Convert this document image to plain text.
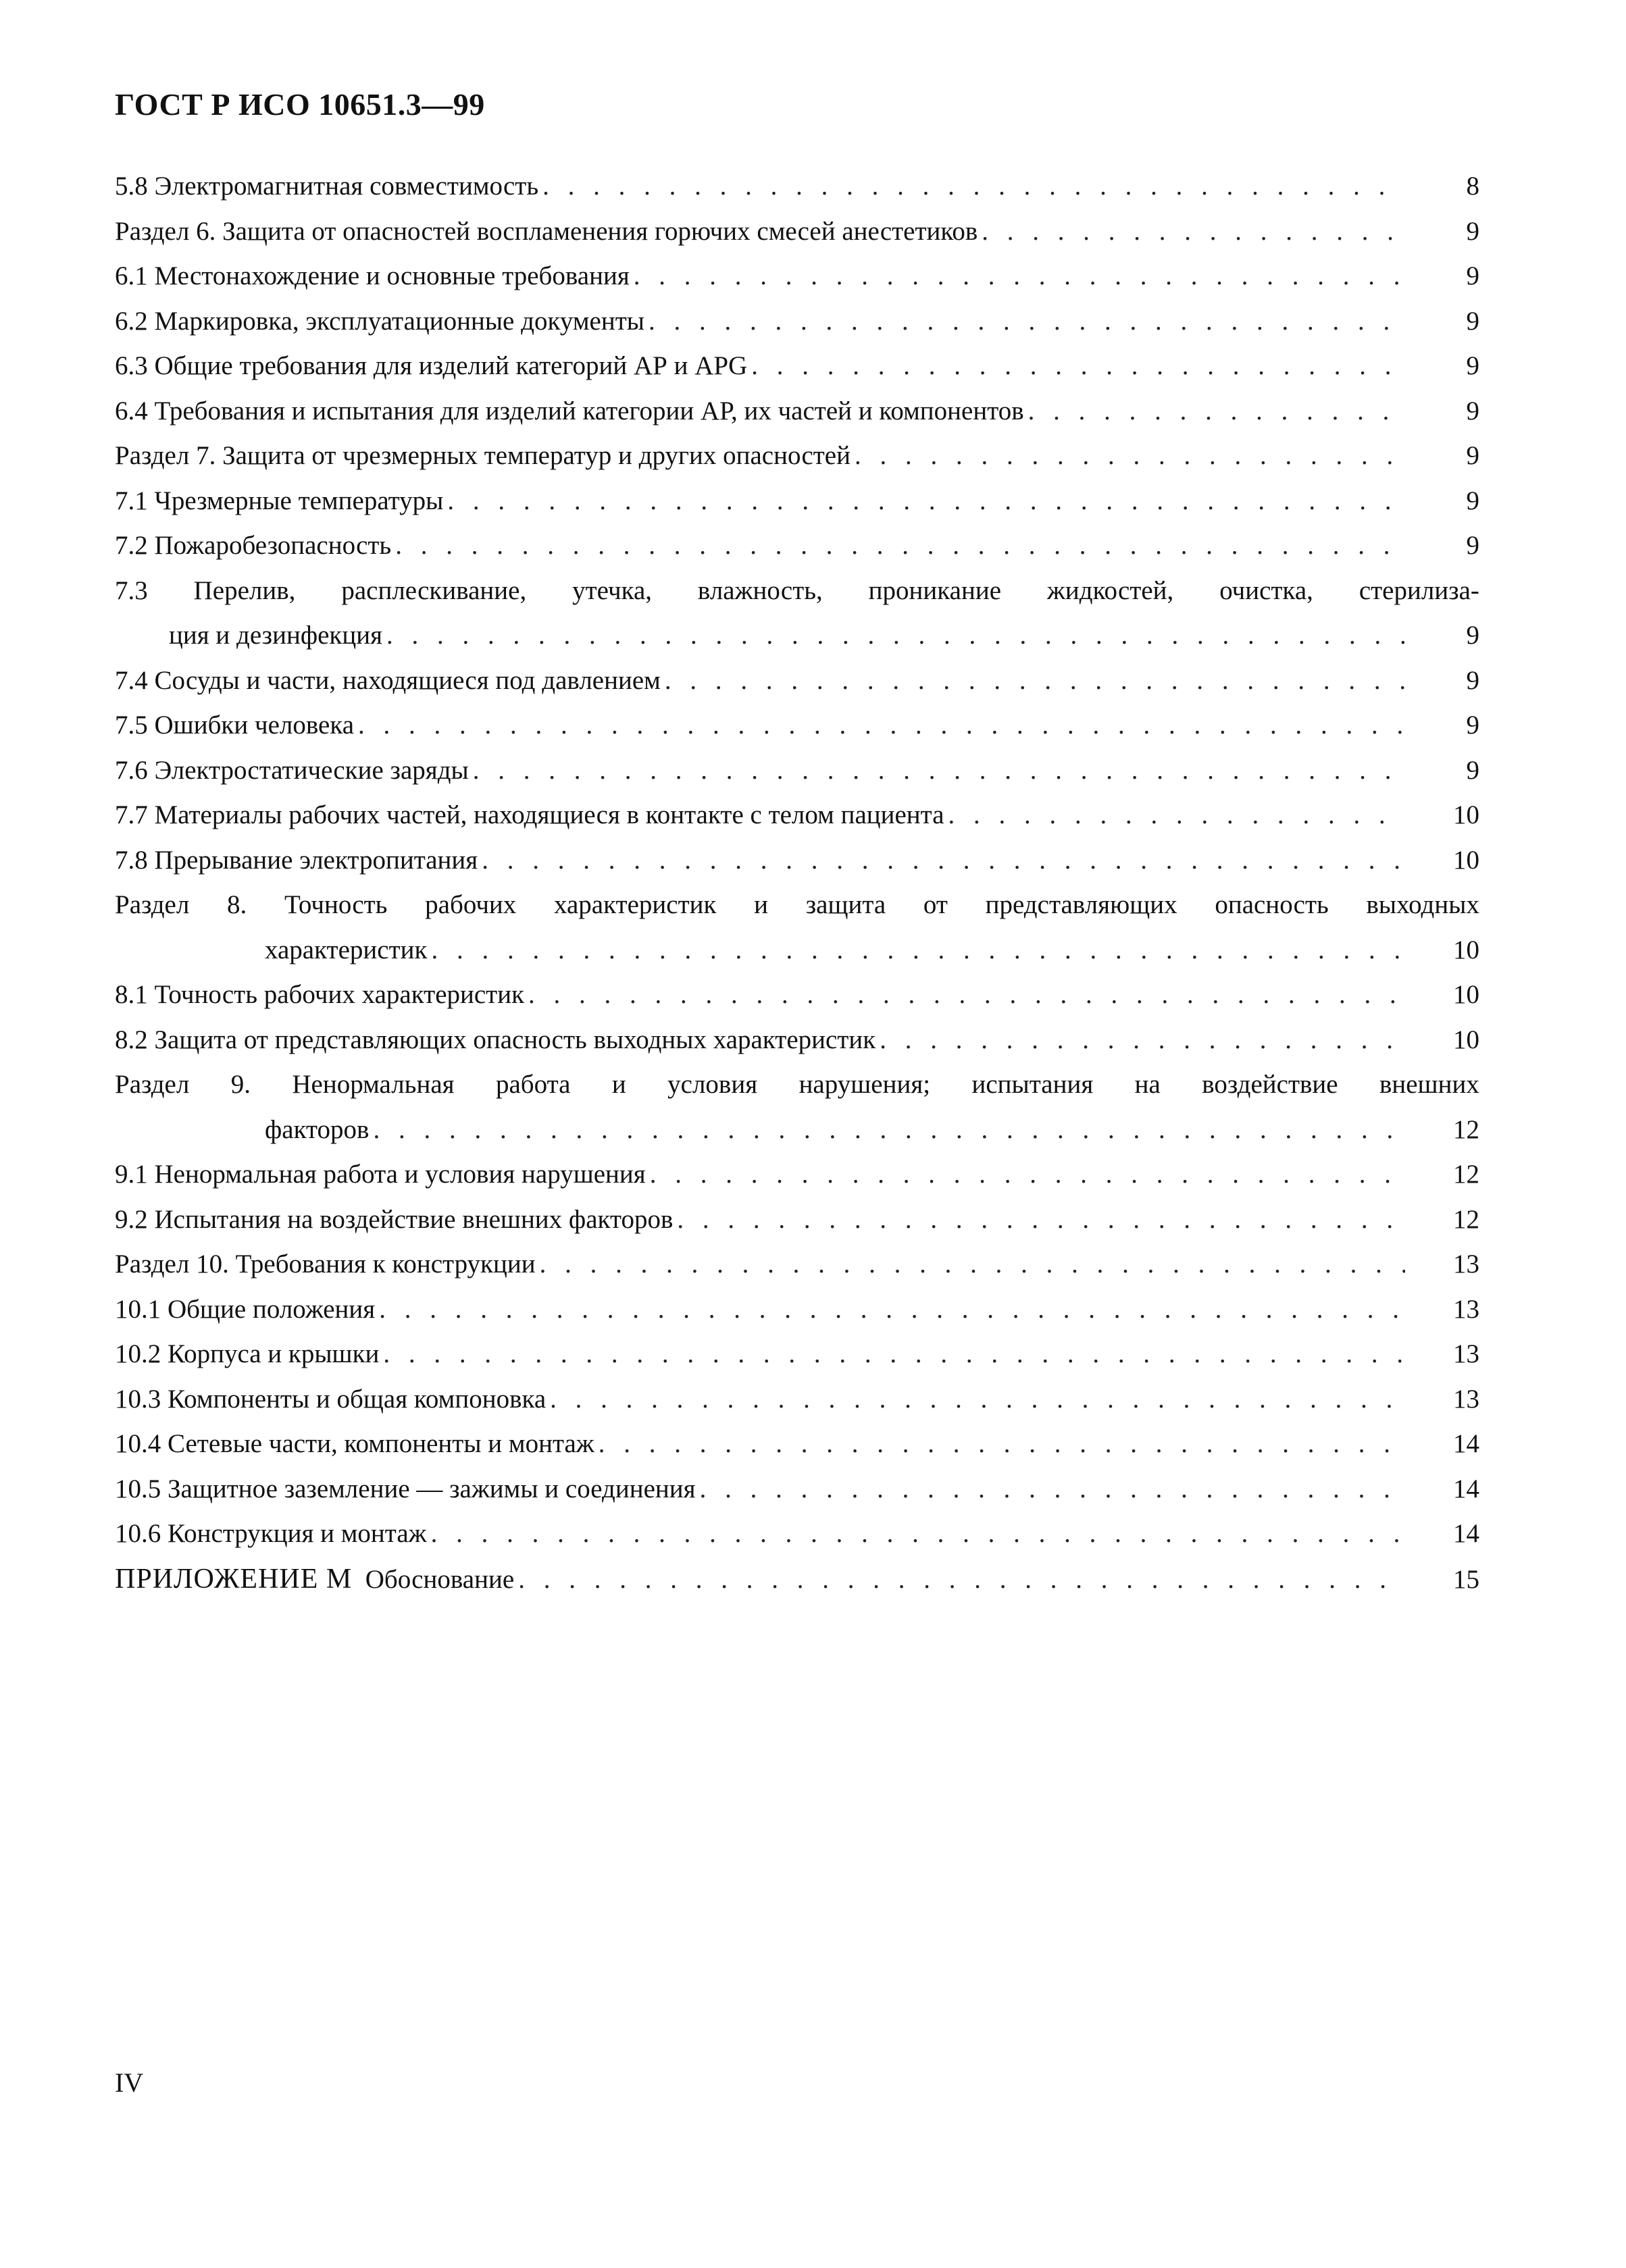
ГОСТ Р ИСО 10651.3—99
5.8 Электромагнитная совместимость . . .	8
Раздел 6. Защита от опасностей воспламенения горючих смесей анестетиков . . .	9
6.1 Местонахождение и основные требования . . .	9
6.2 Маркировка, эксплуатационные документы . . .	9
6.3 Общие требования для изделий категорий АР и APG . . .	9
6.4 Требования и испытания для изделий категории АР, их частей и компонентов . . .	9
Раздел 7. Защита от чрезмерных температур и других опасностей . . .	9
7.1 Чрезмерные температуры . . .	9
7.2 Пожаробезопасность . . .	9
7.3 Перелив, расплескивание, утечка, влажность, проникание жидкостей, очистка, стерилиза-
ция и дезинфекция . . .	9
7.4 Сосуды и части, находящиеся под давлением . . .	9
7.5 Ошибки человека . . .	9
7.6 Электростатические заряды . . .	9
7.7 Материалы рабочих частей, находящиеся в контакте с телом пациента . . .	10
7.8 Прерывание электропитания . . .	10
Раздел 8. Точность рабочих характеристик и защита от представляющих опасность выходных
характеристик . . .	10
8.1 Точность рабочих характеристик . . .	10
8.2 Защита от представляющих опасность выходных характеристик . . .	10
Раздел 9. Ненормальная работа и условия нарушения; испытания на воздействие внешних
факторов . . .	12
9.1 Ненормальная работа и условия нарушения . . .	12
9.2 Испытания на воздействие внешних факторов . . .	12
Раздел 10. Требования к конструкции . . .	13
10.1 Общие положения . . .	13
10.2 Корпуса и крышки . . .	13
10.3 Компоненты и общая компоновка . . .	13
10.4 Сетевые части, компоненты и монтаж . . .	14
10.5 Защитное заземление — зажимы и соединения . . .	14
10.6 Конструкция и монтаж . . .	14
ПРИЛОЖЕНИЕ М Обоснование . . .	15
IV
